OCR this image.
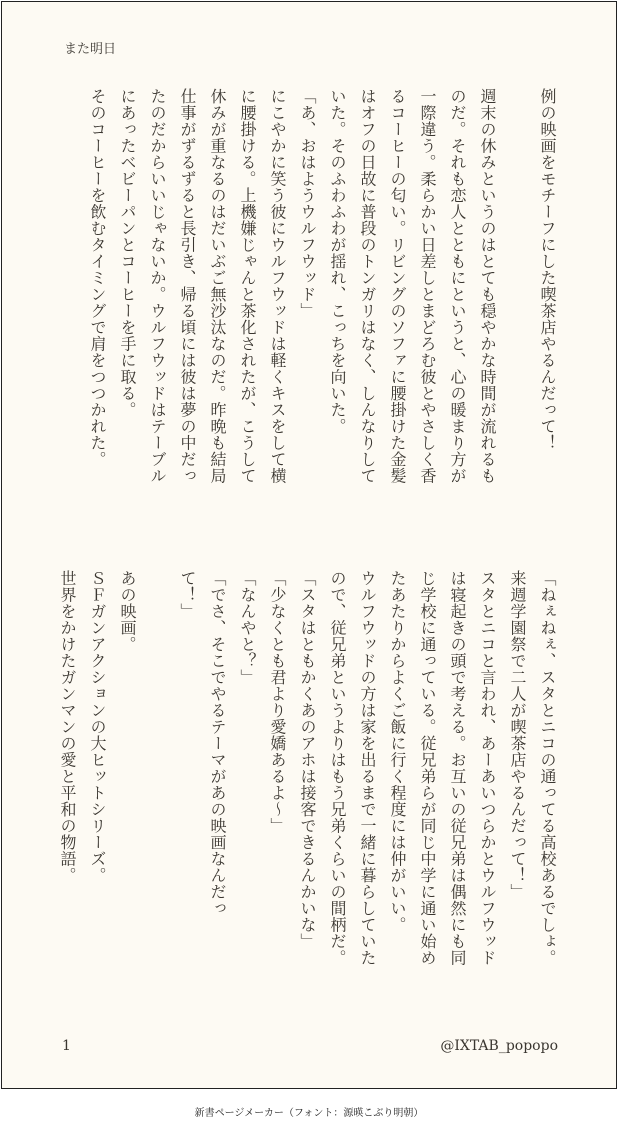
また明日
例の映画をモチーフにした喫茶店やるんだって！
週末の休みというのはとても穏やかな時間が流れるも
のだ。それも恋人とともにというと、心の暖まり方が
一際違う。柔らかい日差しとまどろむ彼とやさしく香
るコーヒーの匂い。リビングのソファに腰掛けた金髪
はオフの日故に普段のトンガリはなく、しんなりして
いた。そのふわふわが揺れ、こっちを向いた。
「あ、おはようウルフウッド」
にこやかに笑う彼にウルフウッドは軽くキスをして横
に腰掛ける。上機嫌じゃんと茶化されたが、こうして
休みが重なるのはだいぶご無沙汰なのだ。昨晩も結局
仕事がずるずると長引き、帰る頃には彼は夢の中だっ
たのだからいいじゃないか。ウルフウッドはテーブル
にあったベビーパンとコーヒーを手に取る。
そのコーヒーを飲むタイミングで肩をつつかれた。
「ねぇねぇ、スタとニコの通ってる高校あるでしょ。
来週学園祭で二人が喫茶店やるんだって！」
スタとニコと言われ、あーあいつらかとウルフウッド
は寝起きの頭で考える。お互いの従兄弟は偶然にも同
じ学校に通っている。従兄弟らが同じ中学に通い始め
たあたりからよくご飯に行く程度には仲がいい。
ウルフウッドの方は家を出るまで一緒に暮らしていた
ので、従兄弟というよりはもう兄弟くらいの間柄だ。
「スタはともかくあのアホは接客できるんかいな」
「少なくとも君より愛嬌あるよ〜」
「なんやと？」
「でさ、そこでやるテーマがあの映画なんだっ
て！」
あの映画。
ＳＦガンアクションの大ヒットシリーズ。
世界をかけたガンマンの愛と平和の物語。
1	@IXTAB_popopo
新書ページメーカー（フォント：源暎こぶり明朝）
